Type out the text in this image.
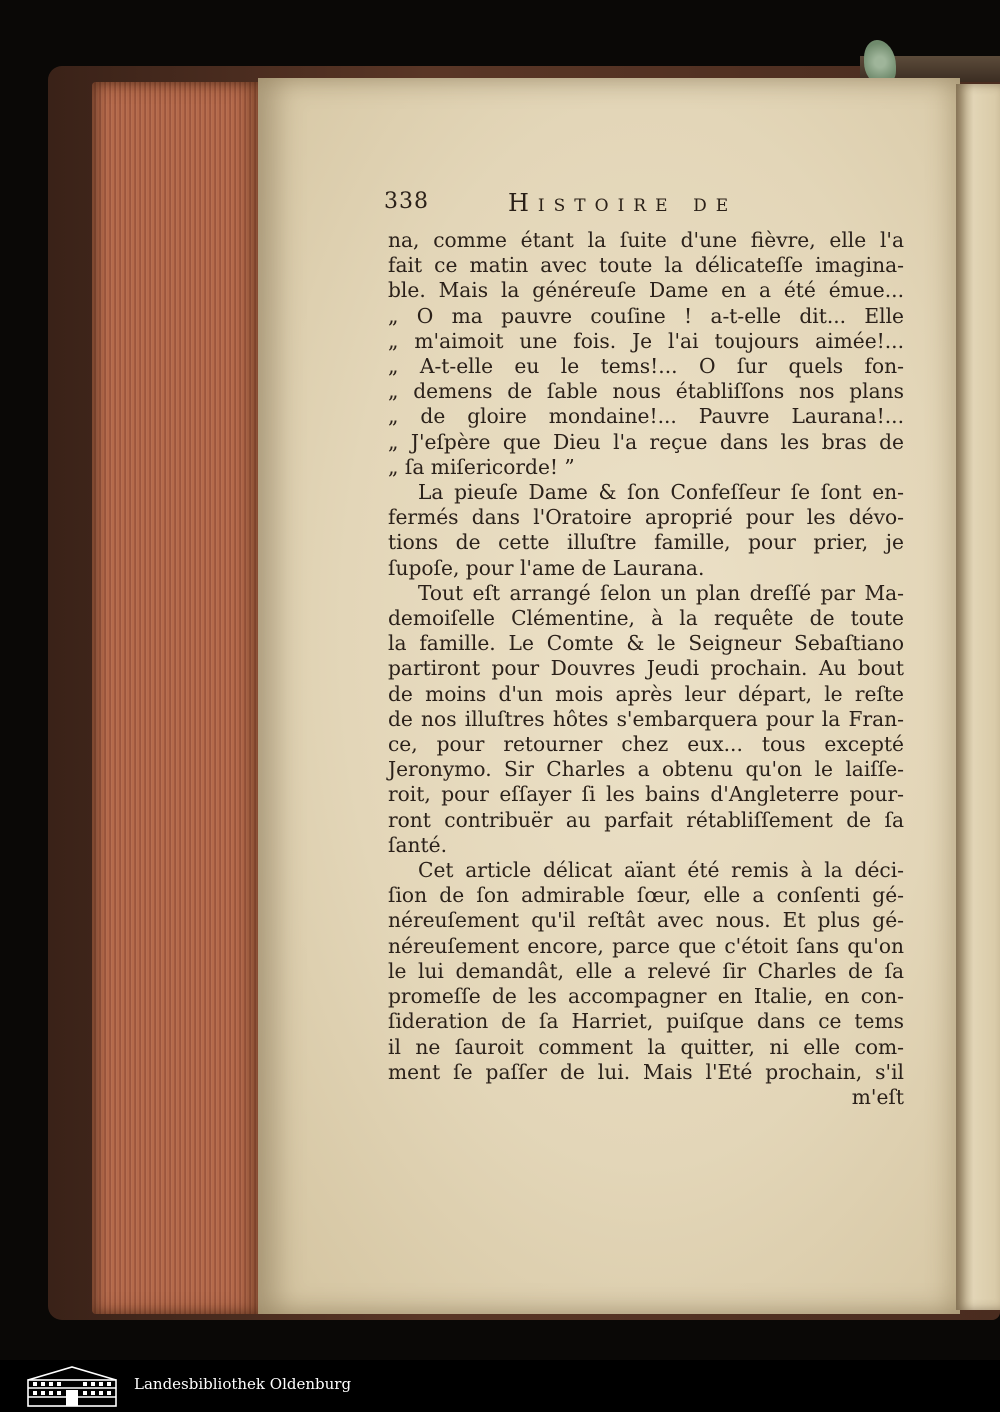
338	Histoire de
na, comme étant la ſuite d'une fièvre, elle l'a
fait ce matin avec toute la délicateſſe imagina-
ble. Mais la généreuſe Dame en a été émue...
„ O ma pauvre couſine ! a-t-elle dit... Elle
„ m'aimoit une fois. Je l'ai toujours aimée!...
„ A-t-elle eu le tems!... O ſur quels fon-
„ demens de ſable nous établiſſons nos plans
„ de gloire mondaine!... Pauvre Laurana!...
„ J'eſpère que Dieu l'a reçue dans les bras de
„ ſa miſericorde! ”
La pieuſe Dame & ſon Confeſſeur ſe ſont en-
fermés dans l'Oratoire aproprié pour les dévo-
tions de cette illuſtre famille, pour prier, je
ſupoſe, pour l'ame de Laurana.
Tout eſt arrangé ſelon un plan dreſſé par Ma-
demoiſelle Clémentine, à la requête de toute
la famille. Le Comte & le Seigneur Sebaſtiano
partiront pour Douvres Jeudi prochain. Au bout
de moins d'un mois après leur départ, le reſte
de nos illuſtres hôtes s'embarquera pour la Fran-
ce, pour retourner chez eux... tous excepté
Jeronymo. Sir Charles a obtenu qu'on le laiſſe-
roit, pour eſſayer ſi les bains d'Angleterre pour-
ront contribuër au parfait rétabliſſement de ſa
ſanté.
Cet article délicat aïant été remis à la déci-
ſion de ſon admirable ſœur, elle a conſenti gé-
néreuſement qu'il reſtât avec nous. Et plus gé-
néreuſement encore, parce que c'étoit ſans qu'on
le lui demandât, elle a relevé ſir Charles de ſa
promeſſe de les accompagner en Italie, en con-
ſideration de ſa Harriet, puiſque dans ce tems
il ne ſauroit comment la quitter, ni elle com-
ment ſe paſſer de lui. Mais l'Eté prochain, s'il
m'eſt
Landesbibliothek Oldenburg
